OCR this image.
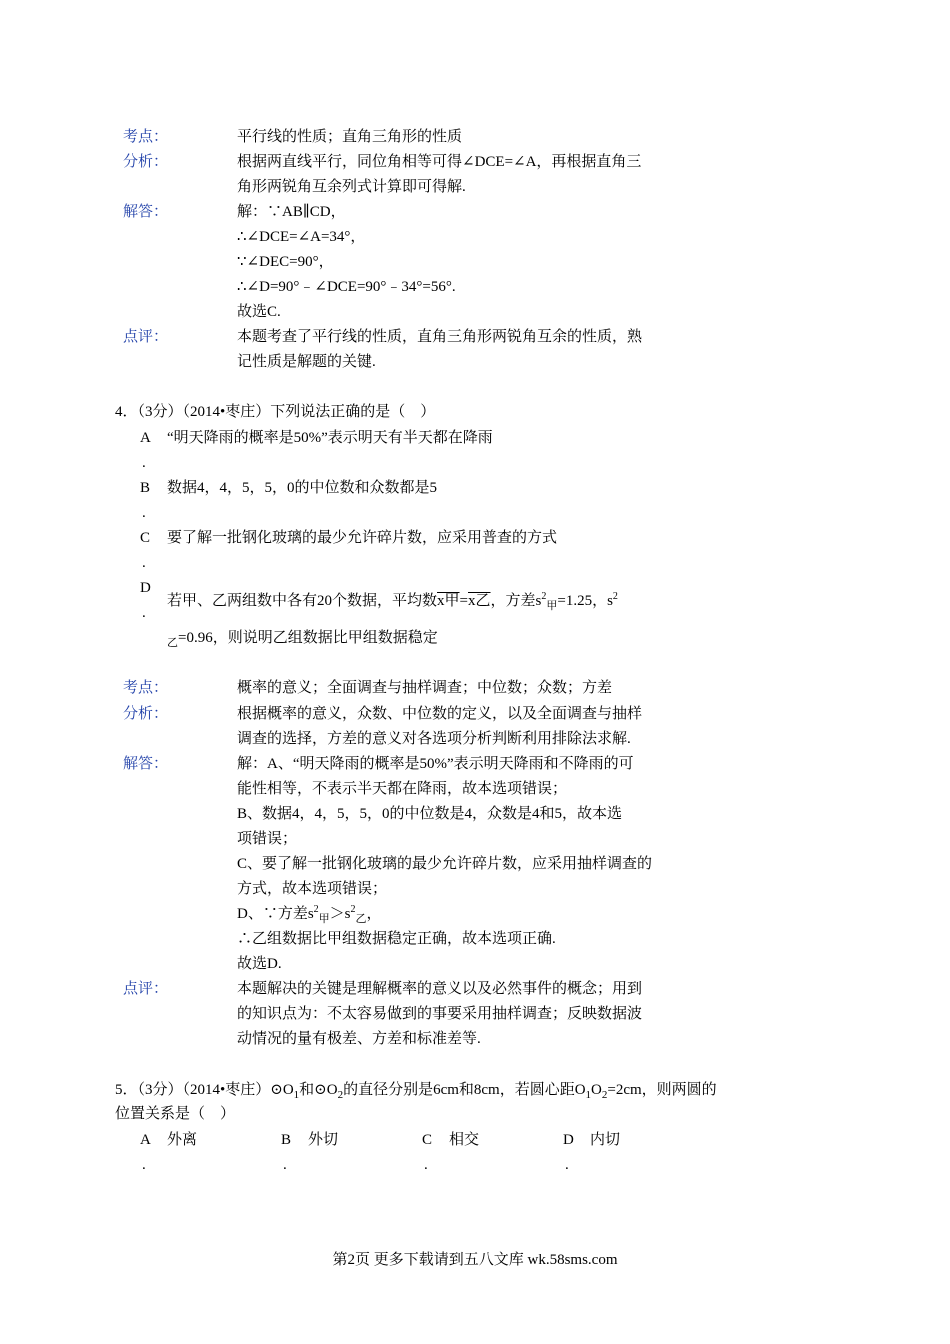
考点：	平行线的性质；直角三角形的性质
分析：	根据两直线平行，同位角相等可得∠DCE=∠A，再根据直角三
角形两锐角互余列式计算即可得解.
解答：	解：∵AB∥CD，
∴∠DCE=∠A=34°，
∵∠DEC=90°，
∴∠D=90°﹣∠DCE=90°﹣34°=56°.
故选C.
点评：	本题考查了平行线的性质，直角三角形两锐角互余的性质，熟
记性质是解题的关键.
4．（3分）（2014•枣庄）下列说法正确的是（　）
A
.
“明天降雨的概率是50%”表示明天有半天都在降雨
B
.
数据4，4，5，5，0的中位数和众数都是5
C
.
要了解一批钢化玻璃的最少允许碎片数，应采用普查的方式
D
.
若甲、乙两组数中各有20个数据，平均数x甲=x乙，方差$s^2_甲=1.25$，$s^2$
$_乙$=0.96，则说明乙组数据比甲组数据稳定
考点：	概率的意义；全面调查与抽样调查；中位数；众数；方差
分析：	根据概率的意义，众数、中位数的定义，以及全面调查与抽样
调查的选择，方差的意义对各选项分析判断利用排除法求解.
解答：	解：A、“明天降雨的概率是50%”表示明天降雨和不降雨的可
能性相等，不表示半天都在降雨，故本选项错误；
B、数据4，4，5，5，0的中位数是4，众数是4和5，故本选
项错误；
C、要了解一批钢化玻璃的最少允许碎片数，应采用抽样调查的
方式，故本选项错误；
D、∵方差$s^2_甲>s^2_乙$，
∴乙组数据比甲组数据稳定正确，故本选项正确.
故选D.
点评：	本题解决的关键是理解概率的意义以及必然事件的概念；用到
的知识点为：不太容易做到的事要采用抽样调查；反映数据波
动情况的量有极差、方差和标准差等.
5．（3分）（2014•枣庄）$⊙O_1$和$⊙O_2$的直径分别是6cm和8cm，若圆心距$O_1O_2=2cm$，则两圆的
位置关系是（　）
A 外离
.
B 外切
.
C 相交
.
D 内切
.
第2页 更多下载请到五八文库 wk.58sms.com
